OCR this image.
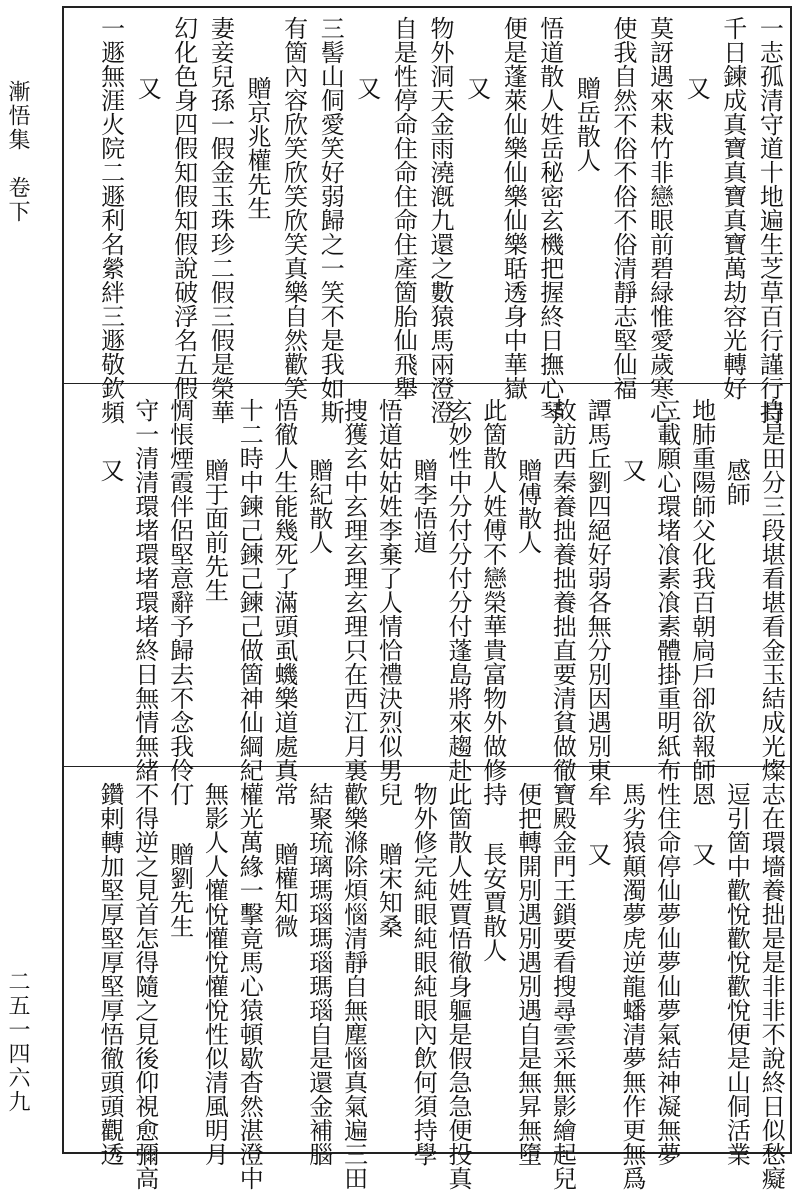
漸悟集　卷下
二五一四六九
一志孤清守道十地遍生芝草百行謹行持
千日鍊成真寶真寶真寶萬劫容光轉好
又
莫訝遇來栽竹非戀眼前碧緑惟愛歲寒心
使我自然不俗不俗不俗清靜志堅仙福
贈岳散人
悟道散人姓岳秘密玄機把握終日撫心琴
便是蓬萊仙樂仙樂仙樂聒透身中華嶽
又
物外洞天金雨澆漑九還之數猿馬兩澄澄
自是性停命住命住命住產箇胎仙飛舉
又
三髻山侗愛笑好弱歸之一笑不是我如斯
有箇內容欣笑欣笑欣笑真樂自然歡笑
贈京兆權先生
妻妾兒孫一假金玉珠珍二假三假是榮華
幻化色身四假知假知假說破浮名五假
又
一遯無涯火院二遯利名縈絆三遯敬欽頻
自是田分三段堪看堪看金玉結成光燦
感師
地肺重陽師父化我百朝扃戶卻欲報師恩
三載願心環堵飡素飡素體掛重明紙布
又
譚馬丘劉四絕好弱各無分別因遇別東牟
故訪西秦養拙養拙養拙直要清貧做徹
贈傅散人
此箇散人姓傅不戀榮華貴富物外做修持
玄妙性中分付分付分付蓬島將來趨赴
贈李悟道
悟道姑姑姓李棄了人情恰禮決烈似男兒
捜獲玄中玄理玄理玄理只在西江月裏
贈紀散人
悟徹人生能幾死了滿頭虱蟣樂道處真常
十二時中鍊己鍊己鍊己做箇神仙綱紀
贈于面前先生
惆悵煙霞伴侶堅意辭予歸去不念我伶仃
守一清清環堵環堵環堵終日無情無緒
又
志在環墻養拙是是非非不說終日似愁癡
逗引箇中歡悅歡悅歡悅便是山侗活業
又
性住命停仙夢仙夢仙夢氣結神凝無夢
馬劣猿顛濁夢虎逆龍蟠清夢無作更無爲
又
寶殿金門王鎖要看搜尋雲采無影繪起兒
便把轉開別遇別遇別遇自是無昇無墮
長安賈散人
此箇散人姓賈悟徹身軀是假急急便投真
物外修完純眼純眼純眼內飲何須持學
贈宋知桑
歡樂滌除煩惱清靜自無塵惱真氣遍三田
結聚琉璃瑪瑙瑪瑙瑪瑙自是還金補腦
贈權知微
權光萬緣一擊竟馬心猿頓歇杳然湛澄中
無影人人懽悅懽悅懽悅性似清風明月
贈劉先生
不得逆之見首怎得隨之見後仰視愈彌高
鑽剌轉加堅厚堅厚堅厚悟徹頭頭觀透
